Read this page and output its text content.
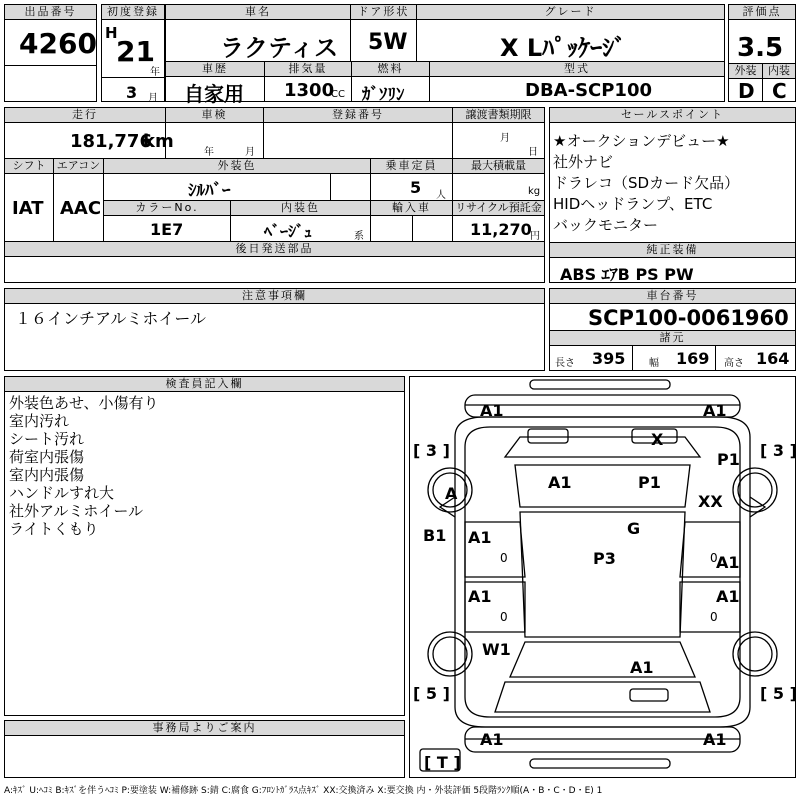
出品番号
4260
初度登録
H
21
年
3 月
車名
ラクティス
ドア形状
5W
グレード
X Lﾊﾟｯｹｰｼﾞ
車歴
自家用
排気量
1300
CC
燃料
ｶﾞｿﾘﾝ
型式
DBA-SCP100
評価点
3.5
外装	内装
D C
走行
181,776
km
車検
年	月
登録番号	譲渡書類期限
月
日
シフト
IAT
エアコン
AAC
外装色
ｼﾙﾊﾞｰ
乗車定員
5 人
最大積載量
kg
カラーNo.
1E7
内装色
ﾍﾞｰｼﾞｭ	系
輸入車	リサイクル預託金
11,270
円
後日発送部品
セールスポイント
★オークションデビュー★
社外ナビ
ドラレコ（SDカード欠品）
HIDヘッドランプ、ETC
バックモニター
純正装備
ABS ｴｱB PS PW
注意事項欄
１６インチアルミホイール
車台番号
SCP100-0061960
諸元
長さ 395 幅 169 高さ 164
検査員記入欄
外装色あせ、小傷有り
室内汚れ
シート汚れ
荷室内張傷
室内内張傷
ハンドルすれ大
社外アルミホイール
ライトくもり
事務局よりご案内
A1	A1
X
[ 3 ]	[ 3 ]
P1
A1	P1
A	XX
G
B1 A1
P3
0	0
A1
A1	A1
0	0
W1
A1
[ 5 ]	[ 5 ]
A1	A1
[ T ]
A:ｷｽﾞ U:ﾍｺﾐ B:ｷｽﾞを伴うﾍｺﾐ P:要塗装 W:補修跡 S:錆 C:腐食 G:ﾌﾛﾝﾄｶﾞﾗｽ点ｷｽﾞ XX:交換済み X:要交換 内・外装評価 5段階ﾗﾝｸ順(A・B・C・D・E) 1
